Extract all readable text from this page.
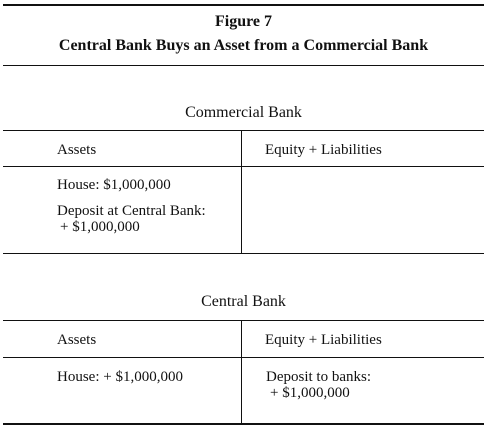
Figure 7
Central Bank Buys an Asset from a Commercial Bank
Commercial Bank
Assets	Equity + Liabilities
House: $1,000,000
Deposit at Central Bank:
+ $1,000,000
Central Bank
Assets	Equity + Liabilities
House: + $1,000,000	Deposit to banks:
+ $1,000,000
